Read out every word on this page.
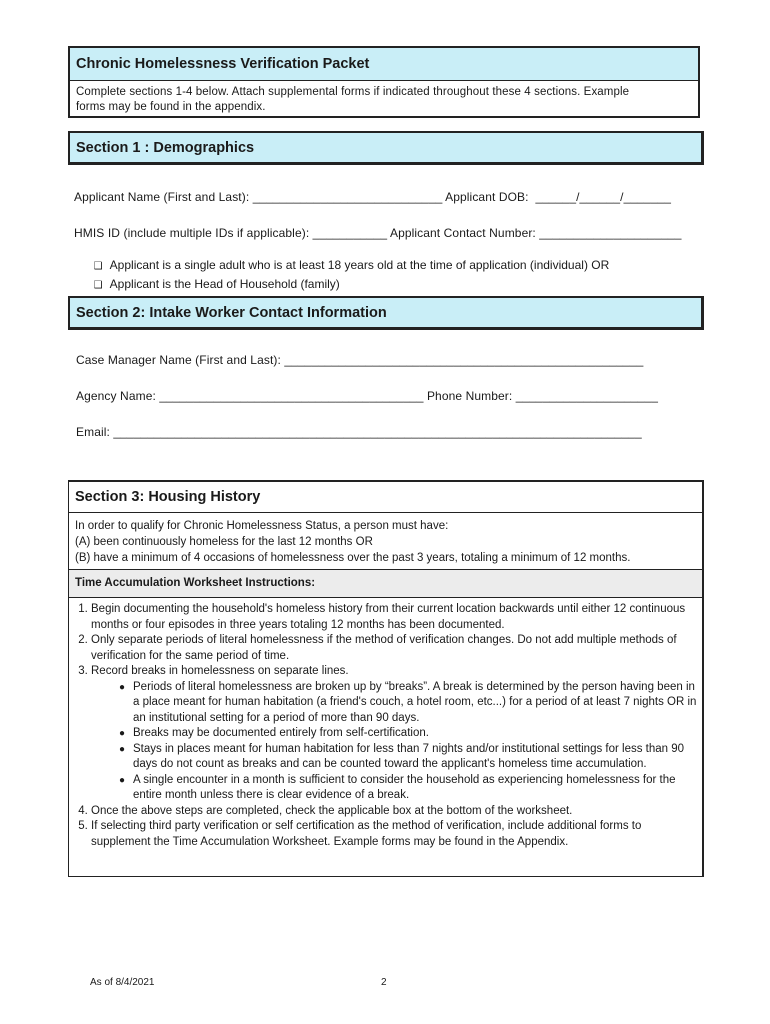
Chronic Homelessness Verification Packet
Complete sections 1-4 below. Attach supplemental forms if indicated throughout these 4 sections. Example
forms may be found in the appendix.
Section 1 : Demographics
Applicant Name (First and Last): ____________________________ Applicant DOB:  ______/______/_______
HMIS ID (include multiple IDs if applicable): ___________ Applicant Contact Number: _____________________

❑ Applicant is a single adult who is at least 18 years old at the time of application (individual) OR

❑ Applicant is the Head of Household (family)

Section 2: Intake Worker Contact Information
Case Manager Name (First and Last): _____________________________________________________
Agency Name: _______________________________________ Phone Number: _____________________
Email: ______________________________________________________________________________
Section 3: Housing History
In order to qualify for Chronic Homelessness Status, a person must have:
(A) been continuously homeless for the last 12 months OR
(B) have a minimum of 4 occasions of homelessness over the past 3 years, totaling a minimum of 12 months.
Time Accumulation Worksheet Instructions:
1. Begin documenting the household's homeless history from their current location backwards until either 12 continuous months or four episodes in three years totaling 12 months has been documented.
2. Only separate periods of literal homelessness if the method of verification changes. Do not add multiple methods of verification for the same period of time.
3. Record breaks in homelessness on separate lines.
● Periods of literal homelessness are broken up by “breaks”. A break is determined by the person having been in a place meant for human habitation (a friend's couch, a hotel room, etc...) for a period of at least 7 nights OR in an institutional setting for a period of more than 90 days.
● Breaks may be documented entirely from self-certification.
● Stays in places meant for human habitation for less than 7 nights and/or institutional settings for less than 90 days do not count as breaks and can be counted toward the applicant's homeless time accumulation.
● A single encounter in a month is sufficient to consider the household as experiencing homelessness for the entire month unless there is clear evidence of a break.
4. Once the above steps are completed, check the applicable box at the bottom of the worksheet.
5. If selecting third party verification or self certification as the method of verification, include additional forms to supplement the Time Accumulation Worksheet. Example forms may be found in the Appendix.
As of 8/4/2021	2
